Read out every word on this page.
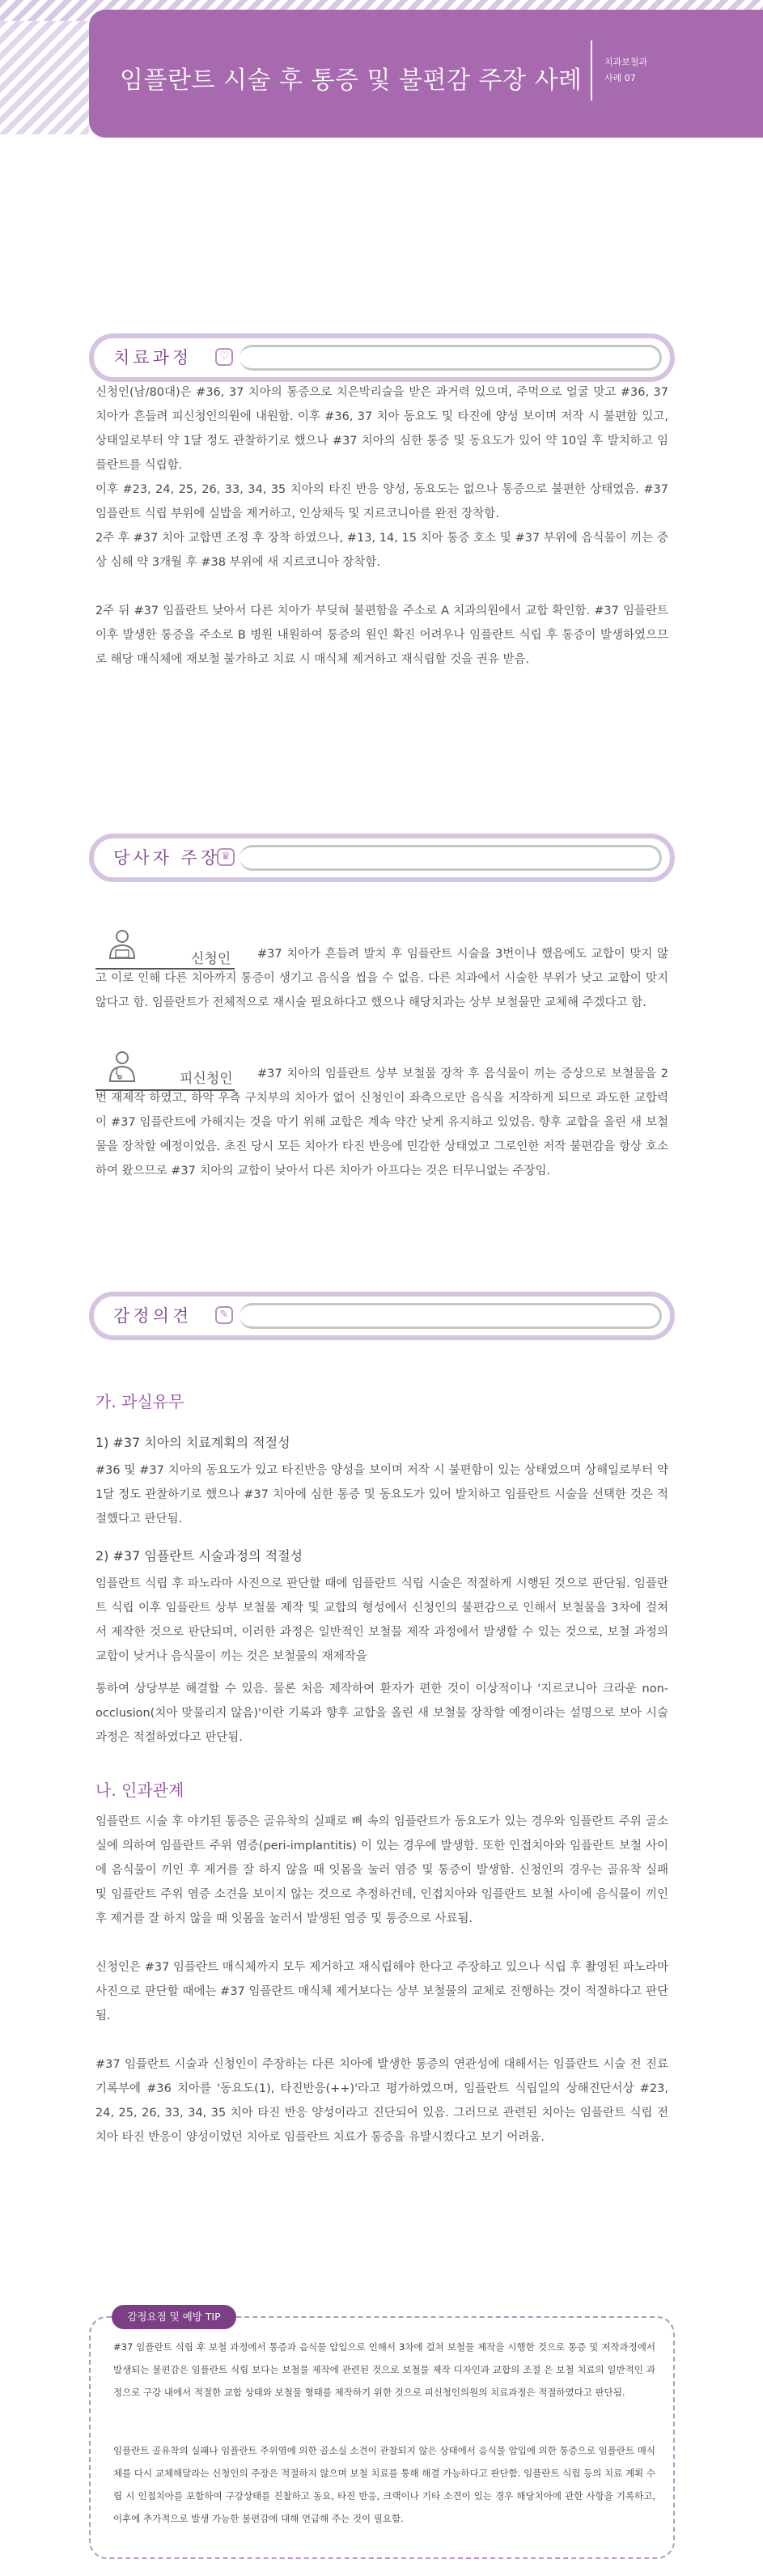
임플란트 시술 후 통증 및 불편감 주장 사례
치과보철과
사례 07
치료과정	♡

신청인(남/80대)은 #36, 37 치아의 통증으로 치은박리술을 받은 과거력 있으며, 주먹으로 얼굴 맞고 #36, 37 치아가 흔들려 피신청인의원에 내원함. 이후 #36, 37 치아 동요도 및 타진에 양성 보이며 저작 시 불편함 있고, 상태일로부터 약 1달 정도 관찰하기로 했으나 #37 치아의 심한 통증 및 동요도가 있어 약 10일 후 발치하고 임플란트를 식립함.

이후 #23, 24, 25, 26, 33, 34, 35 치아의 타진 반응 양성, 동요도는 없으나 통증으로 불편한 상태였음. #37 임플란트 식립 부위에 실밥을 제거하고, 인상채득 및 지르코니아를 완전 장착함.

2주 후 #37 치아 교합면 조정 후 장착 하였으나, #13, 14, 15 치아 통증 호소 및 #37 부위에 음식물이 끼는 증상 심해 약 3개월 후 #38 부위에 새 지르코니아 장착함.

2주 뒤 #37 임플란트 낮아서 다른 치아가 부딪혀 불편함을 주소로 A 치과의원에서 교합 확인함. #37 임플란트 이후 발생한 통증을 주소로 B 병원 내원하여 통증의 원인 확진 어려우나 임플란트 식립 후 통증이 발생하였으므로 해당 매식체에 재보철 불가하고 치료 시 매식체 제거하고 재식립할 것을 권유 받음.

당사자 주장 ♛
신청인	#37 치아가 흔들려 발치 후 임플란트 시술을 3번이나 했음에도 교합이 맞지 않고 이로 인해 다른 치아까지 통증이 생기고 음식을 씹을 수 없음. 다른 치과에서 시술한 부위가 낮고 교합이 맞지 않다고 함. 임플란트가 전체적으로 재시술 필요하다고 했으나 해당치과는 상부 보철물만 교체해 주겠다고 함.
피신청인	#37 치아의 임플란트 상부 보철물 장착 후 음식물이 끼는 증상으로 보철물을 2번 재제작 하였고, 하악 우측 구치부의 치아가 없어 신청인이 좌측으로만 음식을 저작하게 되므로 과도한 교합력이 #37 임플란트에 가해지는 것을 막기 위해 교합은 계속 약간 낮게 유지하고 있었음. 향후 교합을 올린 새 보철물을 장착할 예정이었음. 초진 당시 모든 치아가 타진 반응에 민감한 상태였고 그로인한 저작 불편감을 항상 호소하여 왔으므로 #37 치아의 교합이 낮아서 다른 치아가 아프다는 것은 터무니없는 주장임.
감정의견	✎
가. 과실유무
1) #37 치아의 치료계획의 적절성
#36 및 #37 치아의 동요도가 있고 타진반응 양성을 보이며 저작 시 불편함이 있는 상태였으며 상해일로부터 약 1달 정도 관찰하기로 했으나 #37 치아에 심한 통증 및 동요도가 있어 발치하고 임플란트 시술을 선택한 것은 적절했다고 판단됨.
2) #37 임플란트 시술과정의 적절성

임플란트 식립 후 파노라마 사진으로 판단할 때에 임플란트 식립 시술은 적절하게 시행된 것으로 판단됨. 임플란트 식립 이후 임플란트 상부 보철물 제작 및 교합의 형성에서 신청인의 불편감으로 인해서 보철물을 3차에 걸쳐서 제작한 것으로 판단되며, 이러한 과정은 일반적인 보철물 제작 과정에서 발생할 수 있는 것으로, 보철 과정의 교합이 낮거나 음식물이 끼는 것은 보철물의 재제작을

통하여 상당부분 해결할 수 있음. 물론 처음 제작하여 환자가 편한 것이 이상적이나 '지르코니아 크라운 non-occlusion(치아 맞물리지 않음)'이란 기록과 향후 교합을 올린 새 보철물 장착할 예정이라는 설명으로 보아 시술 과정은 적절하였다고 판단됨.

나. 인과관계

임플란트 시술 후 야기된 통증은 골유착의 실패로 뼈 속의 임플란트가 동요도가 있는 경우와 임플란트 주위 골소실에 의하여 임플란트 주위 염증(peri-implantitis) 이 있는 경우에 발생함. 또한 인접치아와 임플란트 보철 사이에 음식물이 끼인 후 제거를 잘 하지 않을 때 잇몸을 눌러 염증 및 통증이 발생함. 신청인의 경우는 골유착 실패 및 임플란트 주위 염증 소견을 보이지 않는 것으로 추정하건데, 인접치아와 임플란트 보철 사이에 음식물이 끼인 후 제거를 잘 하지 않을 때 잇몸을 눌러서 발생된 염증 및 통증으로 사료됨.

신청인은 #37 임플란트 매식체까지 모두 제거하고 재식립해야 한다고 주장하고 있으나 식립 후 촬영된 파노라마 사진으로 판단할 때에는 #37 임플란트 매식체 제거보다는 상부 보철물의 교체로 진행하는 것이 적절하다고 판단됨.

#37 임플란트 시술과 신청인이 주장하는 다른 치아에 발생한 통증의 연관성에 대해서는 임플란트 시술 전 진료기록부에 #36 치아를 '동요도(1), 타진반응(++)'라고 평가하였으며, 임플란트 식립일의 상해진단서상 #23, 24, 25, 26, 33, 34, 35 치아 타진 반응 양성이라고 진단되어 있음. 그러므로 관련된 치아는 임플란트 식립 전 치아 타진 반응이 양성이었던 치아로 임플란트 치료가 통증을 유발시켰다고 보기 어려움.

감정요점 및 예방 TIP
#37 임플란트 식립 후 보철 과정에서 통증과 음식물 압입으로 인해서 3차에 걸쳐 보철물 제작을 시행한 것으로 통증 및 저작과정에서 발생되는 불편감은 임플란트 식립 보다는 보철물 제작에 관련된 것으로 보철물 제작 디자인과 교합의 조절 은 보철 치료의 일반적인 과정으로 구강 내에서 적절한 교합 상태와 보철물 형태를 제작하기 위한 것으로 피신청인의원의 치료과정은 적절하였다고 판단됨.
임플란트 골유착의 실패나 임플란트 주위염에 의한 골소실 소견이 관찰되지 않은 상태에서 음식물 압입에 의한 통증으로 임플란트 매식체를 다시 교체해달라는 신청인의 주장은 적절하지 않으며 보철 치료를 통해 해결 가능하다고 판단함. 임플란트 식립 등의 치료 계획 수립 시 인접치아를 포함하여 구강상태를 진찰하고 동요, 타진 반응, 크랙이나 기타 소견이 있는 경우 해당치아에 관한 사항을 기록하고, 이후에 추가적으로 발생 가능한 불편감에 대해 언급해 주는 것이 필요함.
